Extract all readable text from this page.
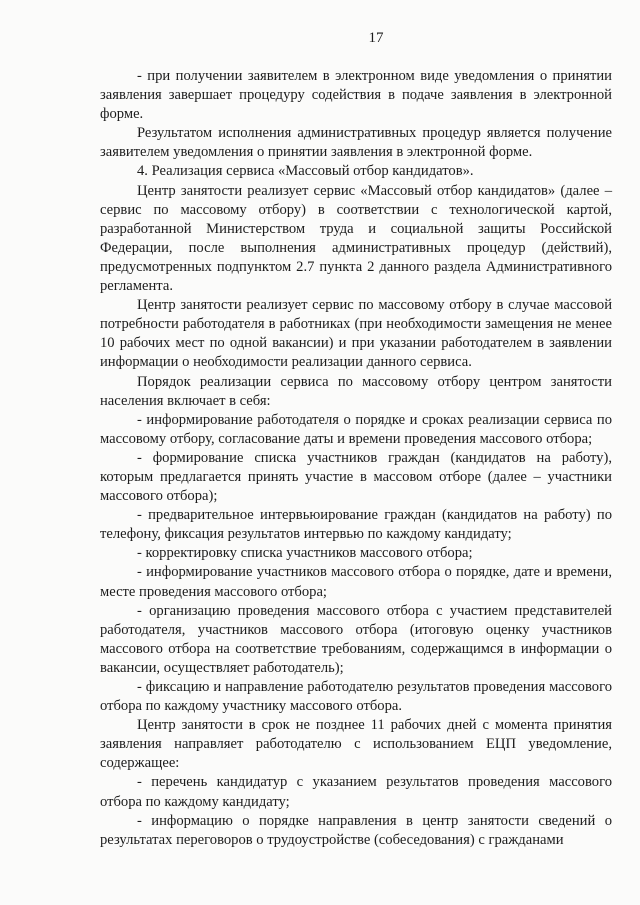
17

- при получении заявителем в электронном виде уведомления о принятии заявления завершает процедуру содействия в подаче заявления в электронной форме.

Результатом исполнения административных процедур является получение заявителем уведомления о принятии заявления в электронной форме.

4. Реализация сервиса «Массовый отбор кандидатов».

Центр занятости реализует сервис «Массовый отбор кандидатов» (далее – сервис по массовому отбору) в соответствии с технологической картой, разработанной Министерством труда и социальной защиты Российской Федерации, после выполнения административных процедур (действий), предусмотренных подпунктом 2.7 пункта 2 данного раздела Административного регламента.

Центр занятости реализует сервис по массовому отбору в случае массовой потребности работодателя в работниках (при необходимости замещения не менее 10 рабочих мест по одной вакансии) и при указании работодателем в заявлении информации о необходимости реализации данного сервиса.

Порядок реализации сервиса по массовому отбору центром занятости населения включает в себя:

- информирование работодателя о порядке и сроках реализации сервиса по массовому отбору, согласование даты и времени проведения массового отбора;

- формирование списка участников граждан (кандидатов на работу), которым предлагается принять участие в массовом отборе (далее – участники массового отбора);

- предварительное интервьюирование граждан (кандидатов на работу) по телефону, фиксация результатов интервью по каждому кандидату;

- корректировку списка участников массового отбора;

- информирование участников массового отбора о порядке, дате и времени, месте проведения массового отбора;

- организацию проведения массового отбора с участием представителей работодателя, участников массового отбора (итоговую оценку участников массового отбора на соответствие требованиям, содержащимся в информации о вакансии, осуществляет работодатель);

- фиксацию и направление работодателю результатов проведения массового отбора по каждому участнику массового отбора.

Центр занятости в срок не позднее 11 рабочих дней с момента принятия заявления направляет работодателю с использованием ЕЦП уведомление, содержащее:

- перечень кандидатур с указанием результатов проведения массового отбора по каждому кандидату;

- информацию о порядке направления в центр занятости сведений о результатах переговоров о трудоустройстве (собеседования) с гражданами
